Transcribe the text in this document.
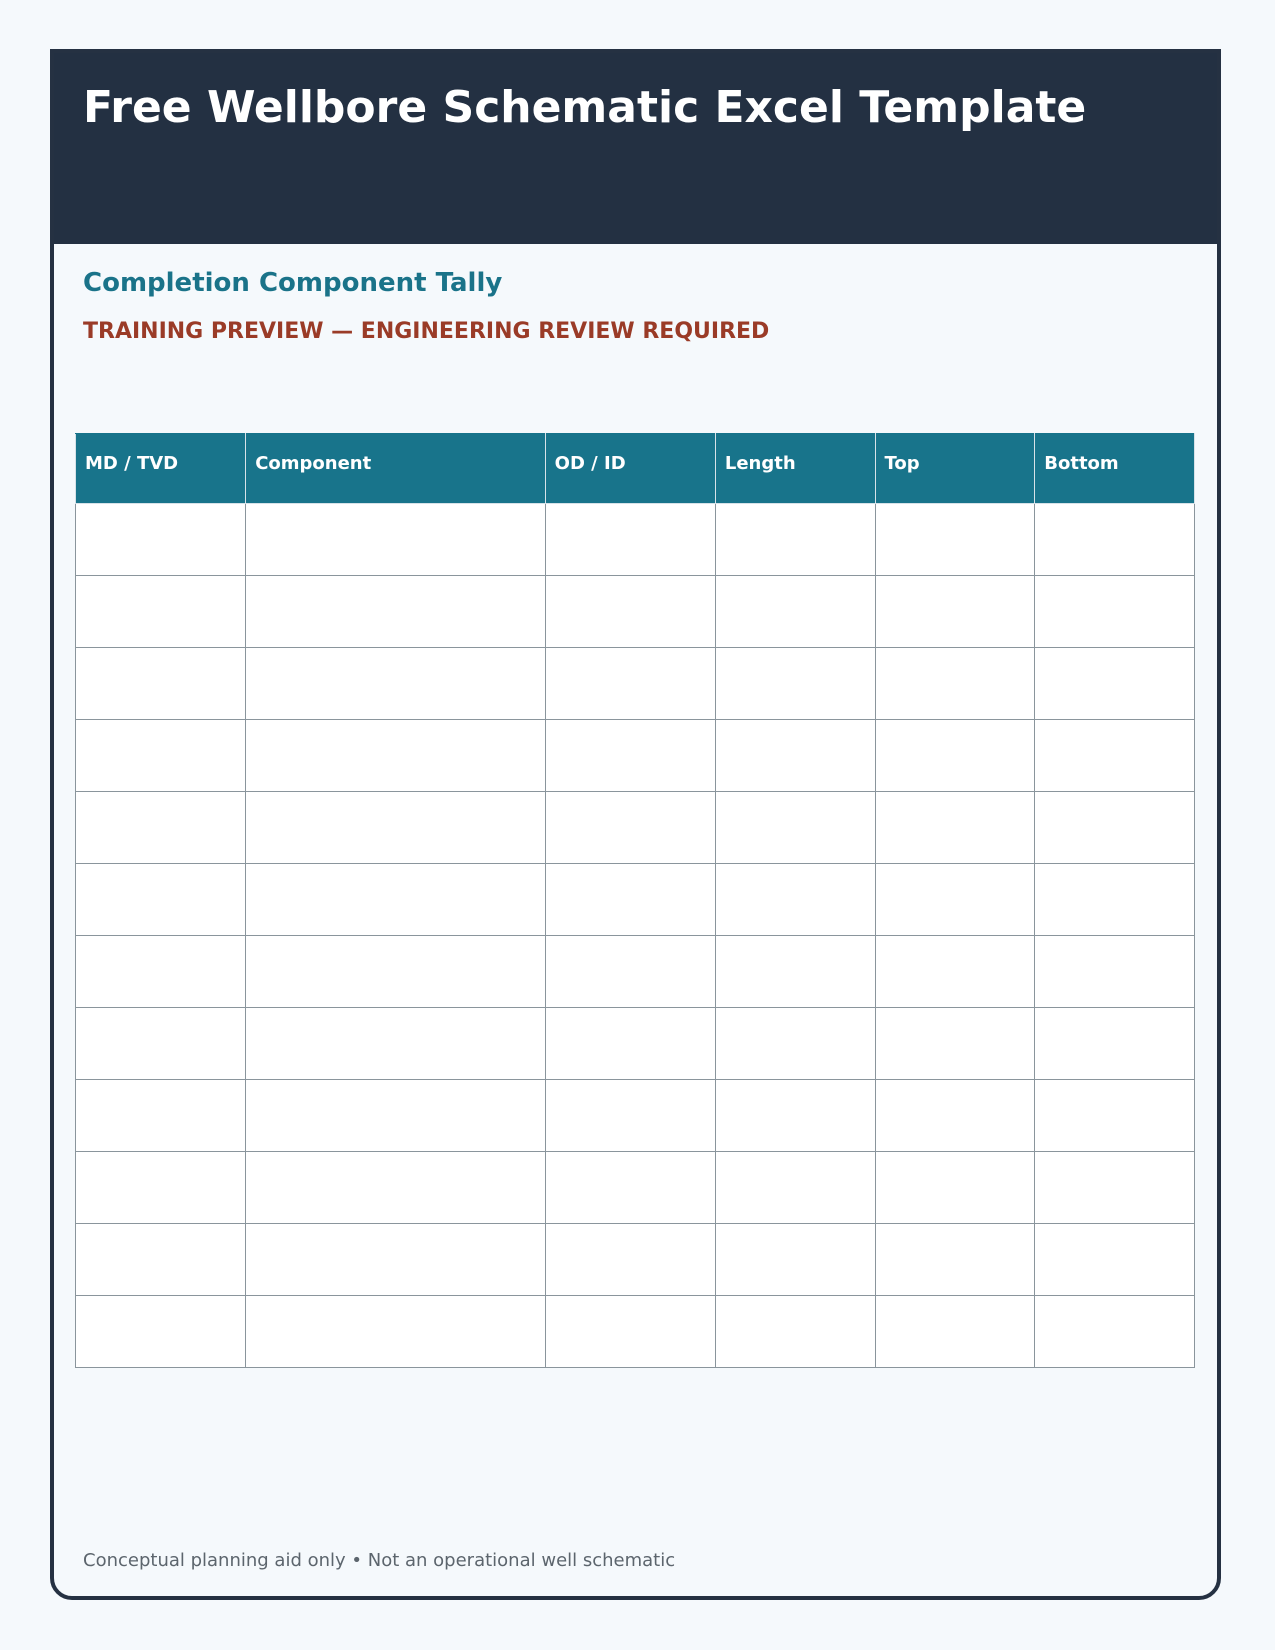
Free Wellbore Schematic Excel Template
Completion Component Tally

TRAINING PREVIEW — ENGINEERING REVIEW REQUIRED

MD / TVD	Component	OD / ID	Length	Top	Bottom

Conceptual planning aid only • Not an operational well schematic
